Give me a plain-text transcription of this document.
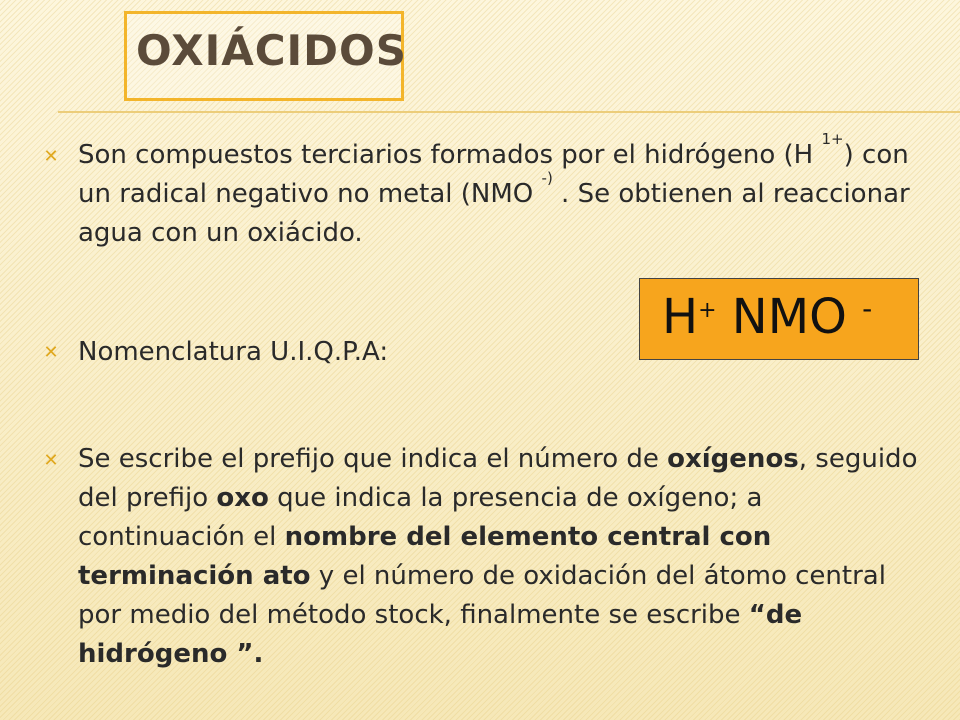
OXIÁCIDOS
✕ Son compuestos terciarios formados por el hidrógeno (H $^{1+}$) con un radical negativo no metal (NMO -) . Se obtienen al reaccionar agua con un oxiácido.
✕ Nomenclatura U.I.Q.P.A:
✕ Se escribe el prefijo que indica el número de oxígenos, seguido del prefijo oxo que indica la presencia de oxígeno; a continuación el nombre del elemento central con terminación ato y el número de oxidación del átomo central por medio del método stock, finalmente se escribe “de hidrógeno ”.
H+ NMO -
